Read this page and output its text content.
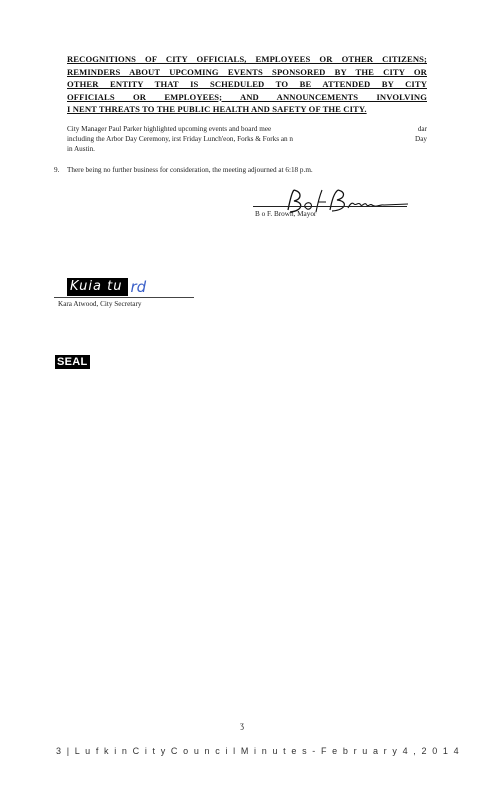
RECOGNITIONS OF CITY OFFICIALS, EMPLOYEES OR OTHER CITIZENS;
REMINDERS ABOUT UPCOMING EVENTS SPONSORED BY THE CITY OR
OTHER ENTITY THAT IS SCHEDULED TO BE ATTENDED BY CITY
OFFICIALS OR EMPLOYEES; AND ANNOUNCEMENTS INVOLVING
I NENT THREATS TO THE PUBLIC HEALTH AND SAFETY OF THE CITY.
City Manager Paul Parker highlighted upcoming events and board mee	dar
including the Arbor Day Ceremony, irst Friday Lunch'eon, Forks & Forks an n	Day
in Austin.
9. There being no further business for consideration, the meeting adjourned at 6:18 p.m.
B o F. Brown, Mayor
Kuia tu rd
Kara Atwood, City Secretary
SEAL
ʒ
3 | L u f k i n C i t y C o u n c i l M i n u t e s - F e b r u a r y 4 , 2 0 1 4
